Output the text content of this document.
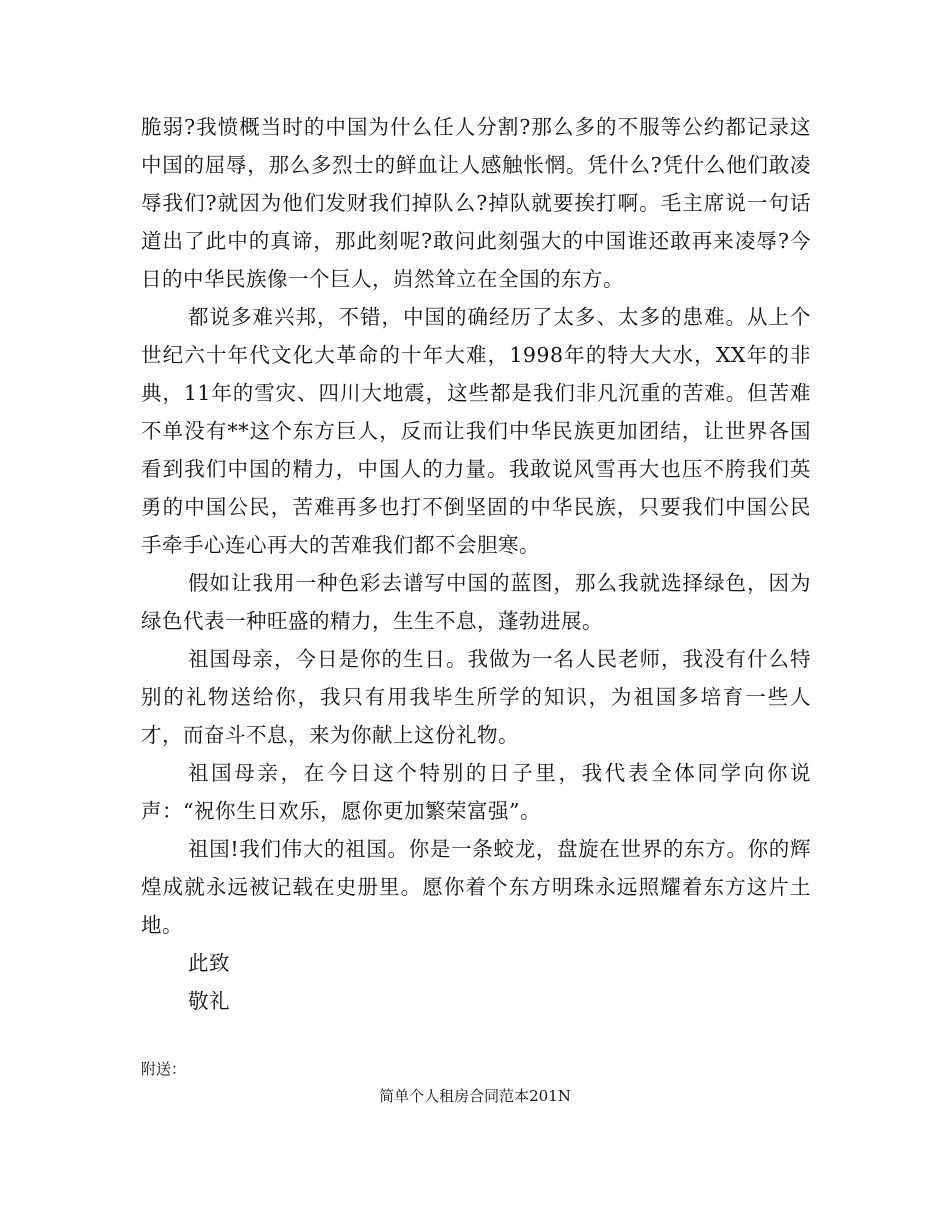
脆弱?我愤概当时的中国为什么任人分割?那么多的不服等公约都记录这中国的屈辱，那么多烈士的鲜血让人感触怅惘。凭什么?凭什么他们敢凌辱我们?就因为他们发财我们掉队么?掉队就要挨打啊。毛主席说一句话道出了此中的真谛，那此刻呢?敢问此刻强大的中国谁还敢再来凌辱?今日的中华民族像一个巨人，岿然耸立在全国的东方。

都说多难兴邦，不错，中国的确经历了太多、太多的患难。从上个世纪六十年代文化大革命的十年大难，1998年的特大大水，XX年的非典，11年的雪灾、四川大地震，这些都是我们非凡沉重的苦难。但苦难不单没有**这个东方巨人，反而让我们中华民族更加团结，让世界各国看到我们中国的精力，中国人的力量。我敢说风雪再大也压不胯我们英勇的中国公民，苦难再多也打不倒坚固的中华民族，只要我们中国公民手牵手心连心再大的苦难我们都不会胆寒。

假如让我用一种色彩去谱写中国的蓝图，那么我就选择绿色，因为绿色代表一种旺盛的精力，生生不息，蓬勃进展。

祖国母亲，今日是你的生日。我做为一名人民老师，我没有什么特别的礼物送给你，我只有用我毕生所学的知识，为祖国多培育一些人才，而奋斗不息，来为你献上这份礼物。

祖国母亲，在今日这个特别的日子里，我代表全体同学向你说声：“祝你生日欢乐，愿你更加繁荣富强”。

祖国!我们伟大的祖国。你是一条蛟龙，盘旋在世界的东方。你的辉煌成就永远被记载在史册里。愿你着个东方明珠永远照耀着东方这片土地。

此致

敬礼

附送：
简单个人租房合同范本201N
